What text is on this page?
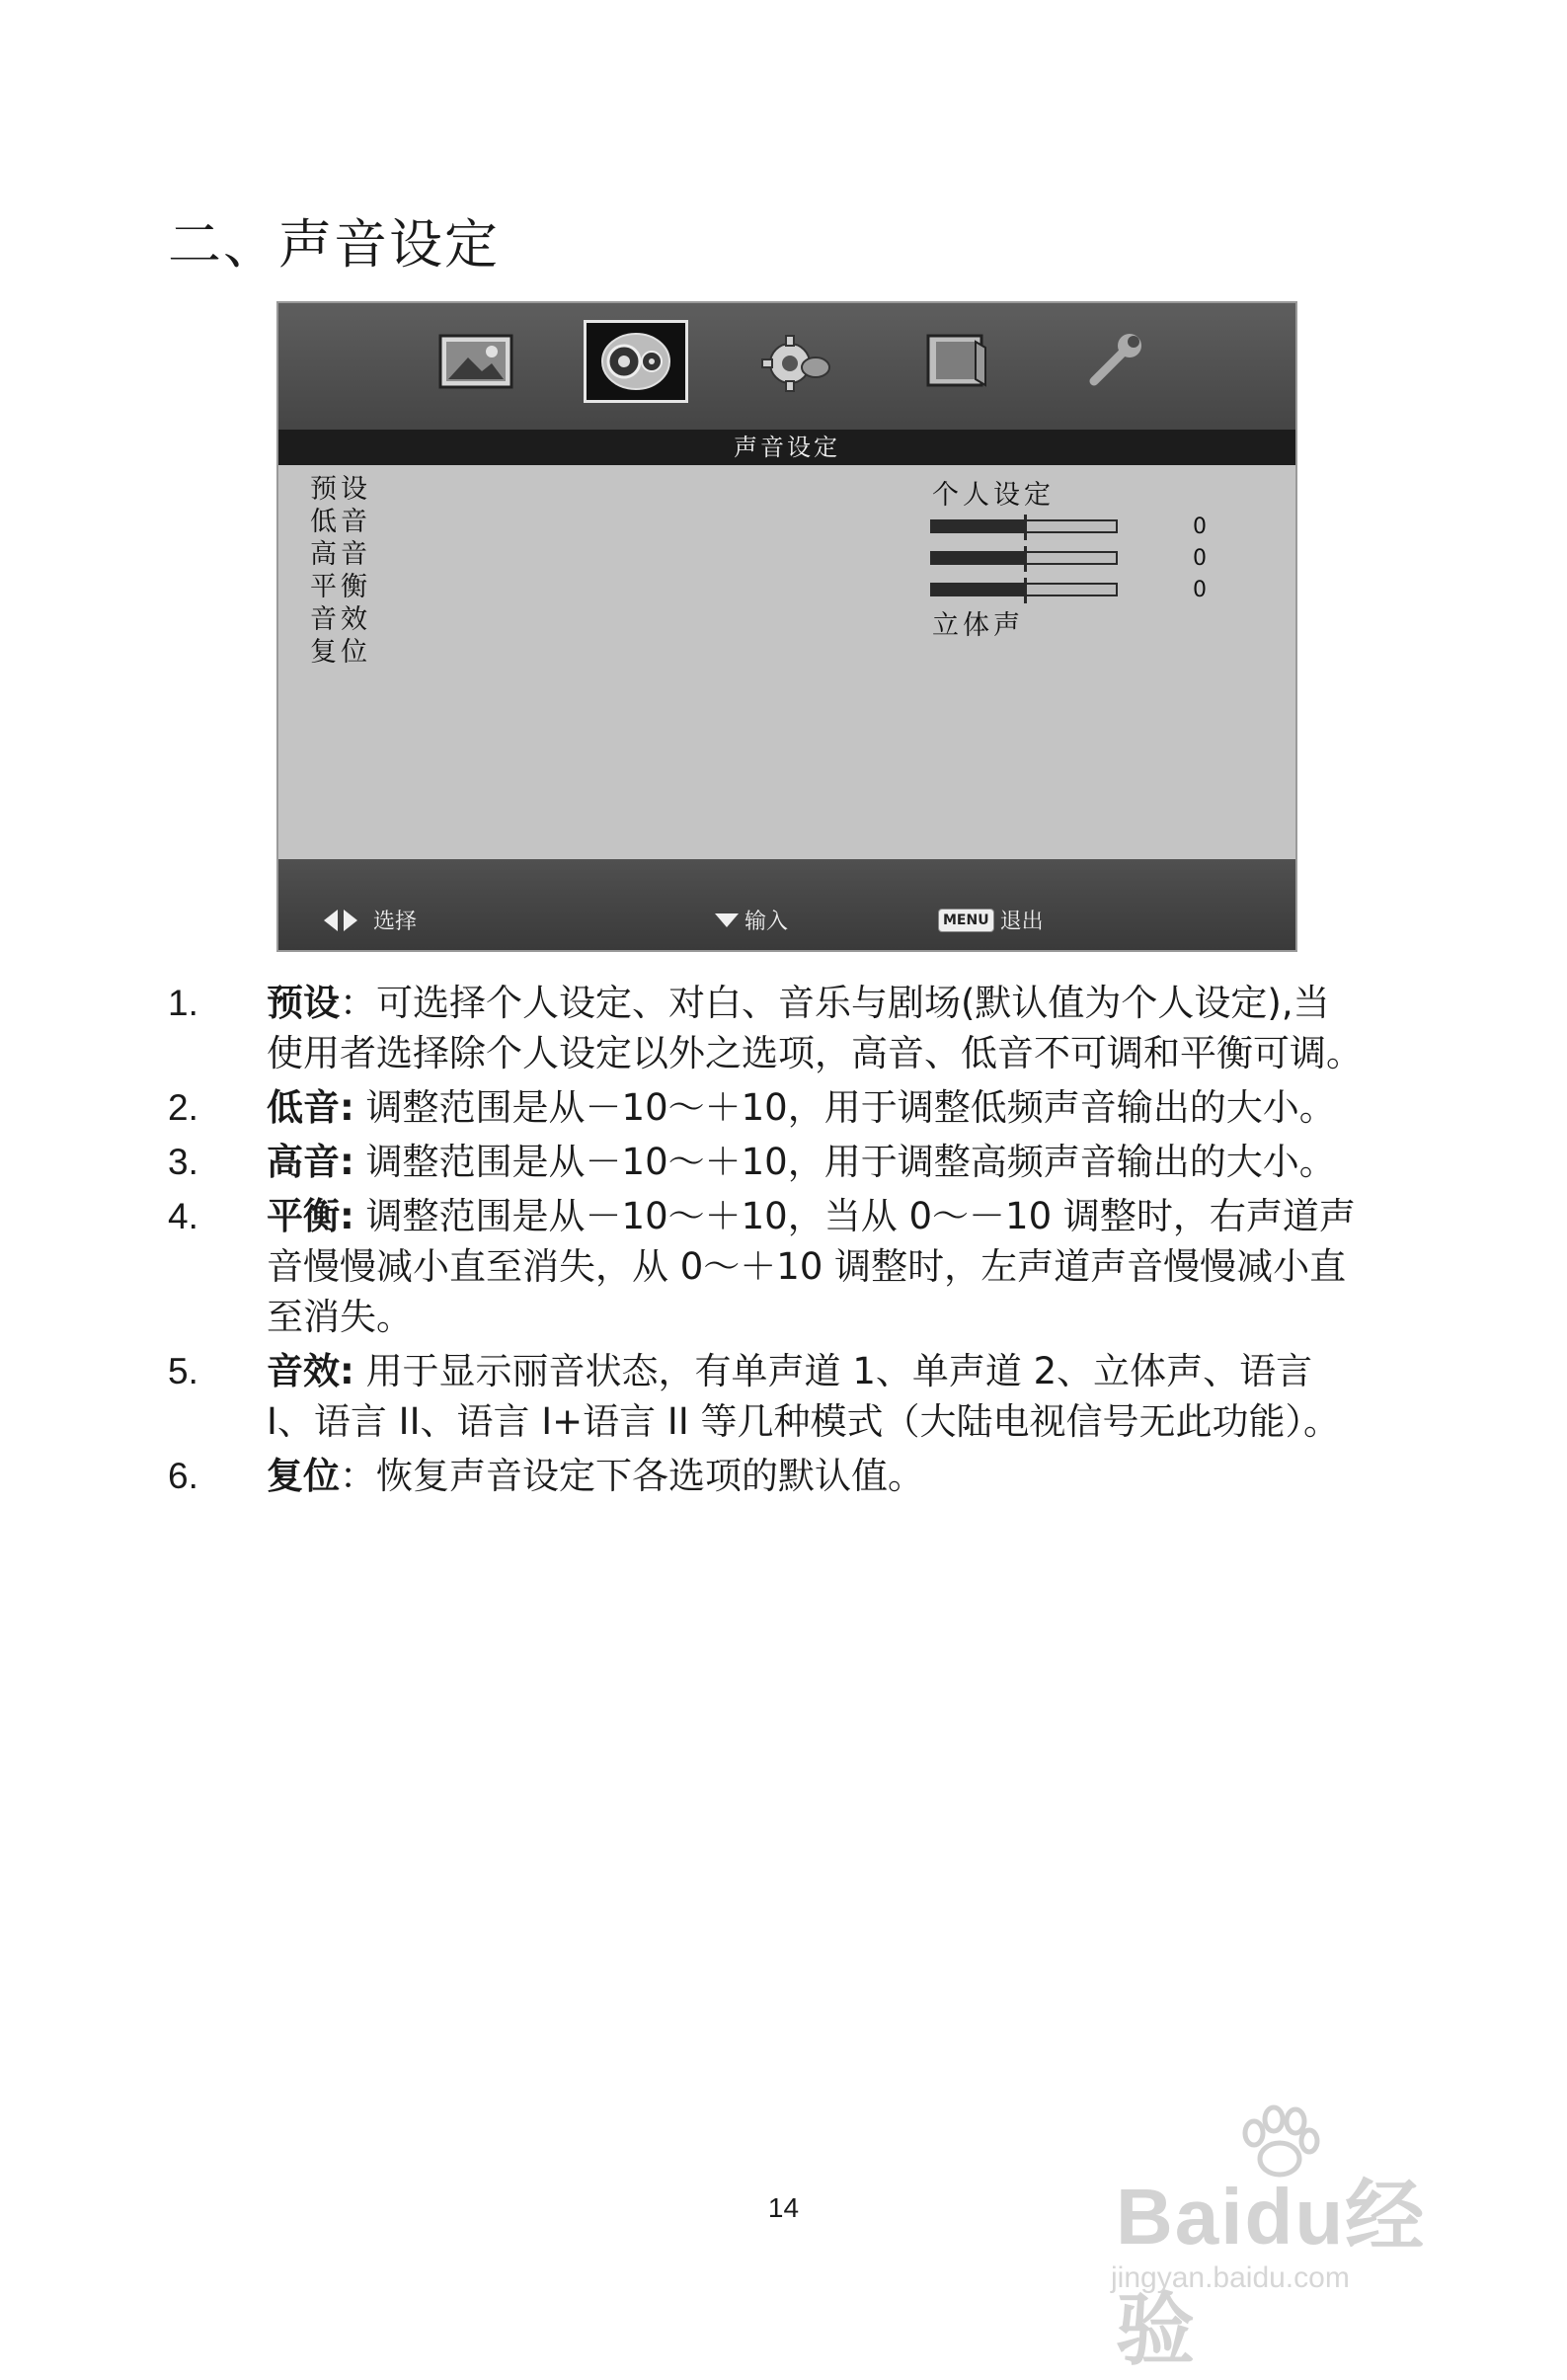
二、声音设定
声音设定
预设
低音
高音
平衡
音效
复位
个人设定
0
0
0
立体声
选择	输入	MENU 退出
1. 预设：可选择个人设定、对白、音乐与剧场(默认值为个人设定),当使用者选择除个人设定以外之选项，高音、低音不可调和平衡可调。
2. 低音: 调整范围是从－10～＋10，用于调整低频声音输出的大小。
3. 高音: 调整范围是从－10～＋10，用于调整高频声音输出的大小。
4. 平衡: 调整范围是从－10～＋10，当从 0～－10 调整时，右声道声音慢慢减小直至消失，从 0～＋10 调整时，左声道声音慢慢减小直至消失。
5. 音效: 用于显示丽音状态，有单声道 1、单声道 2、立体声、语言 I、语言 II、语言 I+语言 II 等几种模式（大陆电视信号无此功能）。
6. 复位：恢复声音设定下各选项的默认值。
14	Baidu经验
jingyan.baidu.com
